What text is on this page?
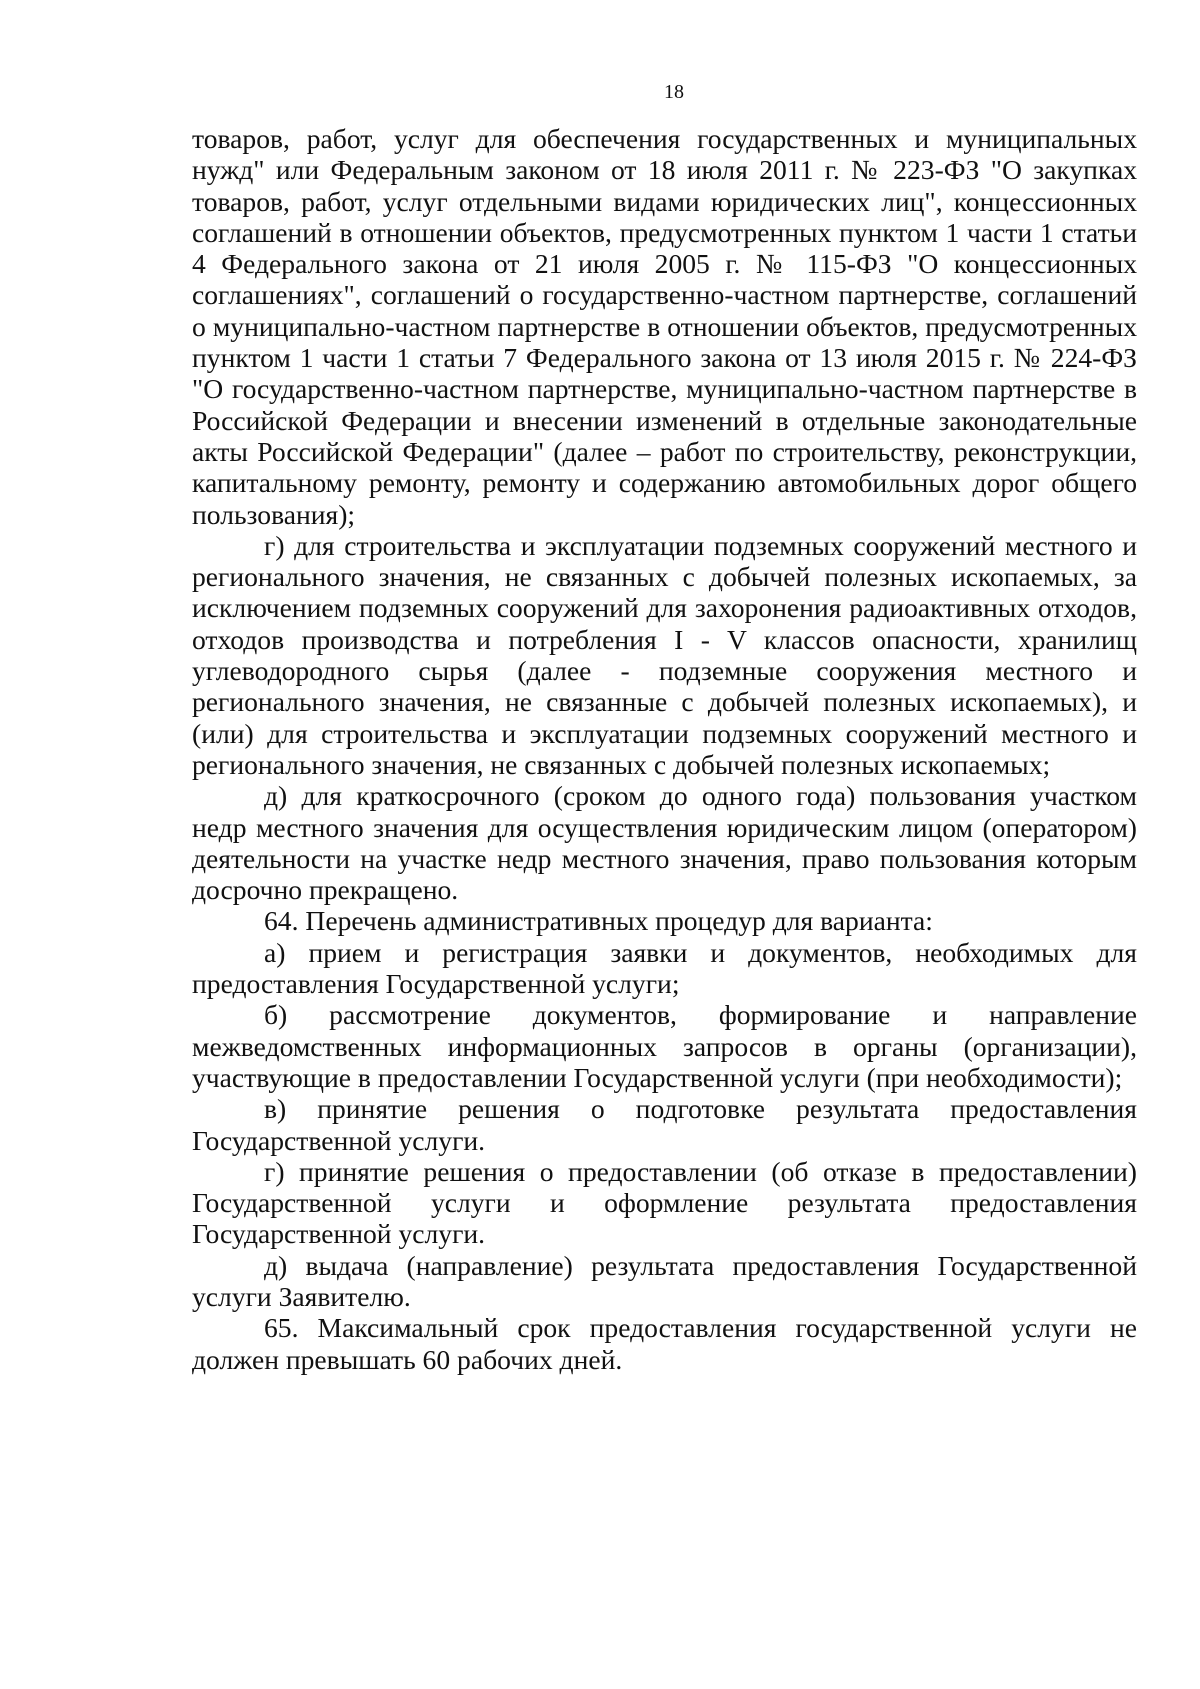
18

товаров, работ, услуг для обеспечения государственных и муниципальных нужд" или Федеральным законом от 18 июля 2011 г. № 223-ФЗ "О закупках товаров, работ, услуг отдельными видами юридических лиц", концессионных соглашений в отношении объектов, предусмотренных пунктом 1 части 1 статьи 4 Федерального закона от 21 июля 2005 г. № 115-ФЗ "О концессионных соглашениях", соглашений о государственно-частном партнерстве, соглашений о муниципально-частном партнерстве в отношении объектов, предусмотренных пунктом 1 части 1 статьи 7 Федерального закона от 13 июля 2015 г. № 224-ФЗ "О государственно-частном партнерстве, муниципально-частном партнерстве в Российской Федерации и внесении изменений в отдельные законодательные акты Российской Федерации" (далее – работ по строительству, реконструкции, капитальному ремонту, ремонту и содержанию автомобильных дорог общего пользования);

г) для строительства и эксплуатации подземных сооружений местного и регионального значения, не связанных с добычей полезных ископаемых, за исключением подземных сооружений для захоронения радиоактивных отходов, отходов производства и потребления I - V классов опасности, хранилищ углеводородного сырья (далее - подземные сооружения местного и регионального значения, не связанные с добычей полезных ископаемых), и (или) для строительства и эксплуатации подземных сооружений местного и регионального значения, не связанных с добычей полезных ископаемых;

д) для краткосрочного (сроком до одного года) пользования участком недр местного значения для осуществления юридическим лицом (оператором) деятельности на участке недр местного значения, право пользования которым досрочно прекращено.

64. Перечень административных процедур для варианта:

а) прием и регистрация заявки и документов, необходимых для предоставления Государственной услуги;

б) рассмотрение документов, формирование и направление межведомственных информационных запросов в органы (организации), участвующие в предоставлении Государственной услуги (при необходимости);

в) принятие решения о подготовке результата предоставления Государственной услуги.

г) принятие решения о предоставлении (об отказе в предоставлении) Государственной услуги и оформление результата предоставления Государственной услуги.

д) выдача (направление) результата предоставления Государственной услуги Заявителю.

65. Максимальный срок предоставления государственной услуги не должен превышать 60 рабочих дней.
